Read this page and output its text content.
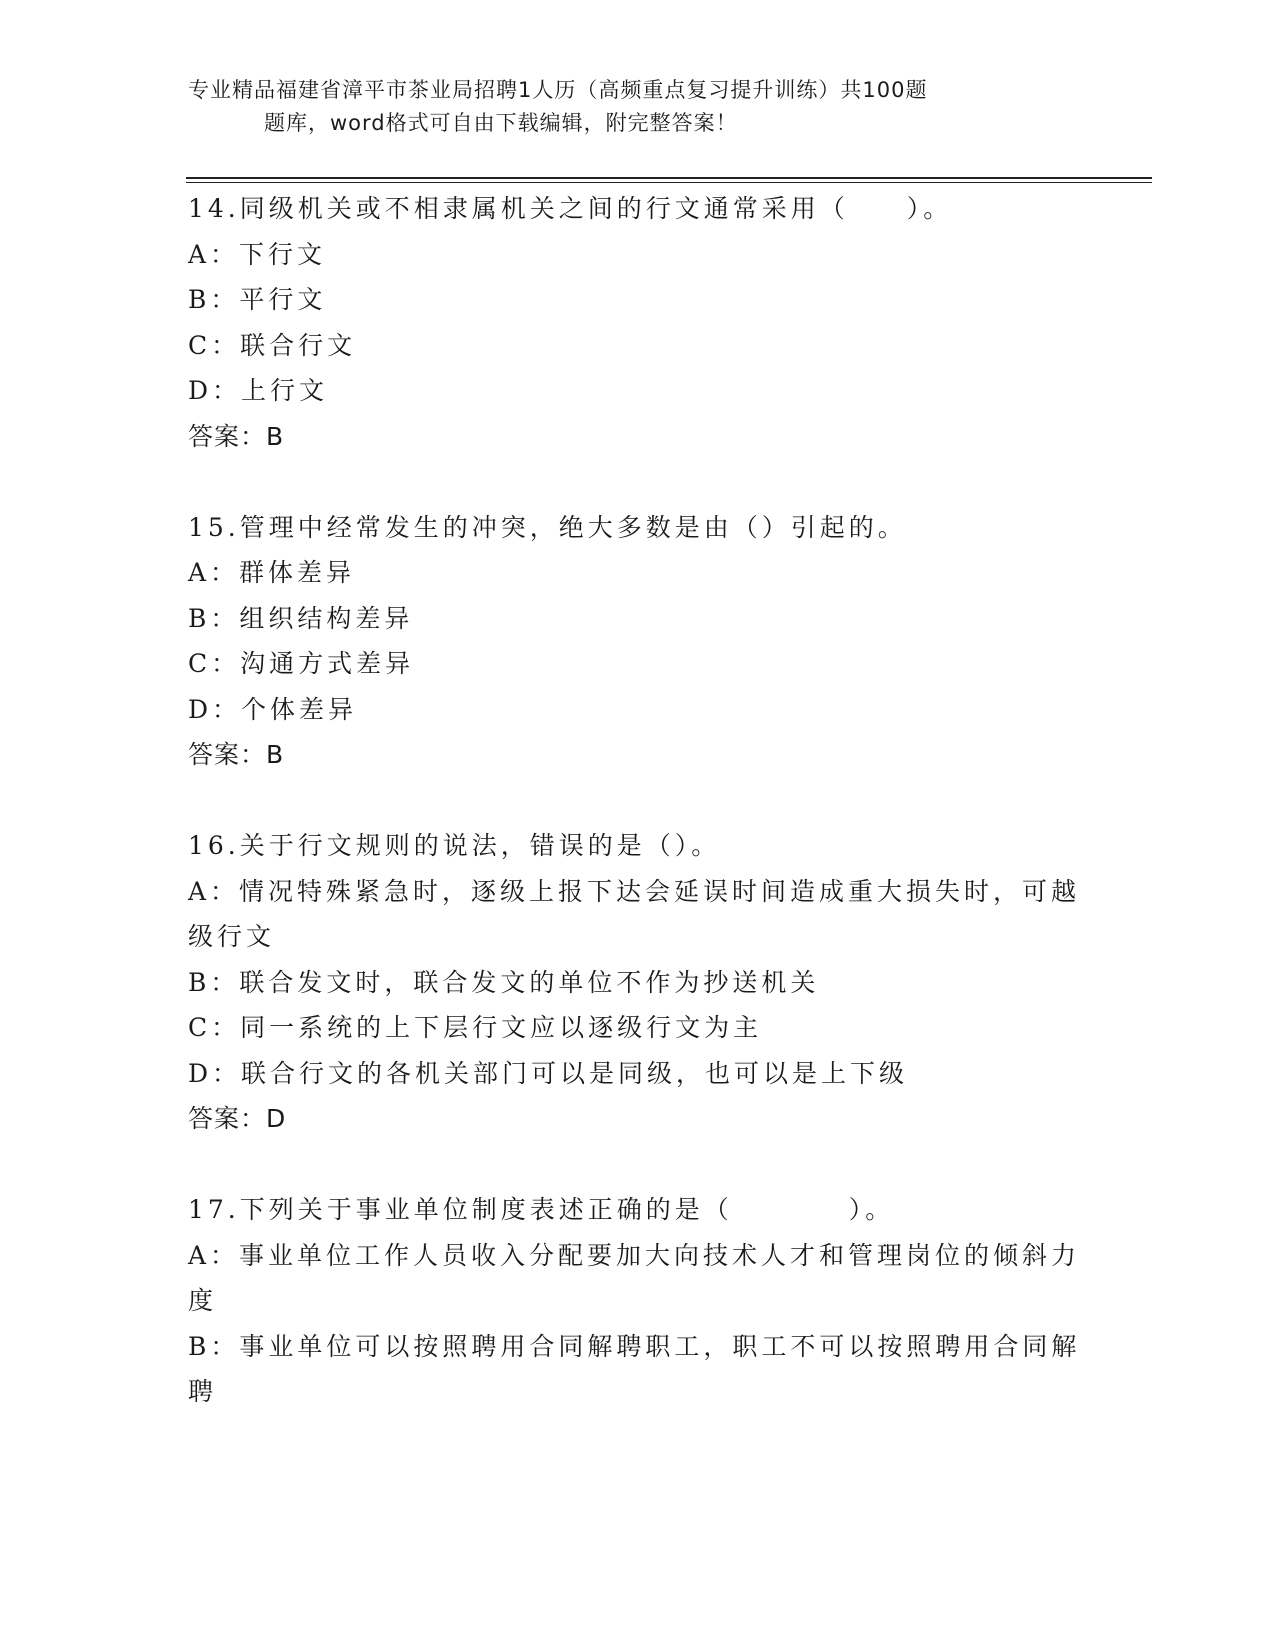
专业精品福建省漳平市茶业局招聘1人历（高频重点复习提升训练）共100题
题库，word格式可自由下载编辑，附完整答案！
14.同级机关或不相隶属机关之间的行文通常采用（　　）。
A：下行文
B：平行文
C：联合行文
D：上行文
答案：B
15.管理中经常发生的冲突，绝大多数是由（）引起的。
A：群体差异
B：组织结构差异
C：沟通方式差异
D：个体差异
答案：B
16.关于行文规则的说法，错误的是（）。
A：情况特殊紧急时，逐级上报下达会延误时间造成重大损失时，可越级行文
B：联合发文时，联合发文的单位不作为抄送机关
C：同一系统的上下层行文应以逐级行文为主
D：联合行文的各机关部门可以是同级，也可以是上下级
答案：D
17.下列关于事业单位制度表述正确的是（　　　　）。
A：事业单位工作人员收入分配要加大向技术人才和管理岗位的倾斜力度
B：事业单位可以按照聘用合同解聘职工，职工不可以按照聘用合同解聘
